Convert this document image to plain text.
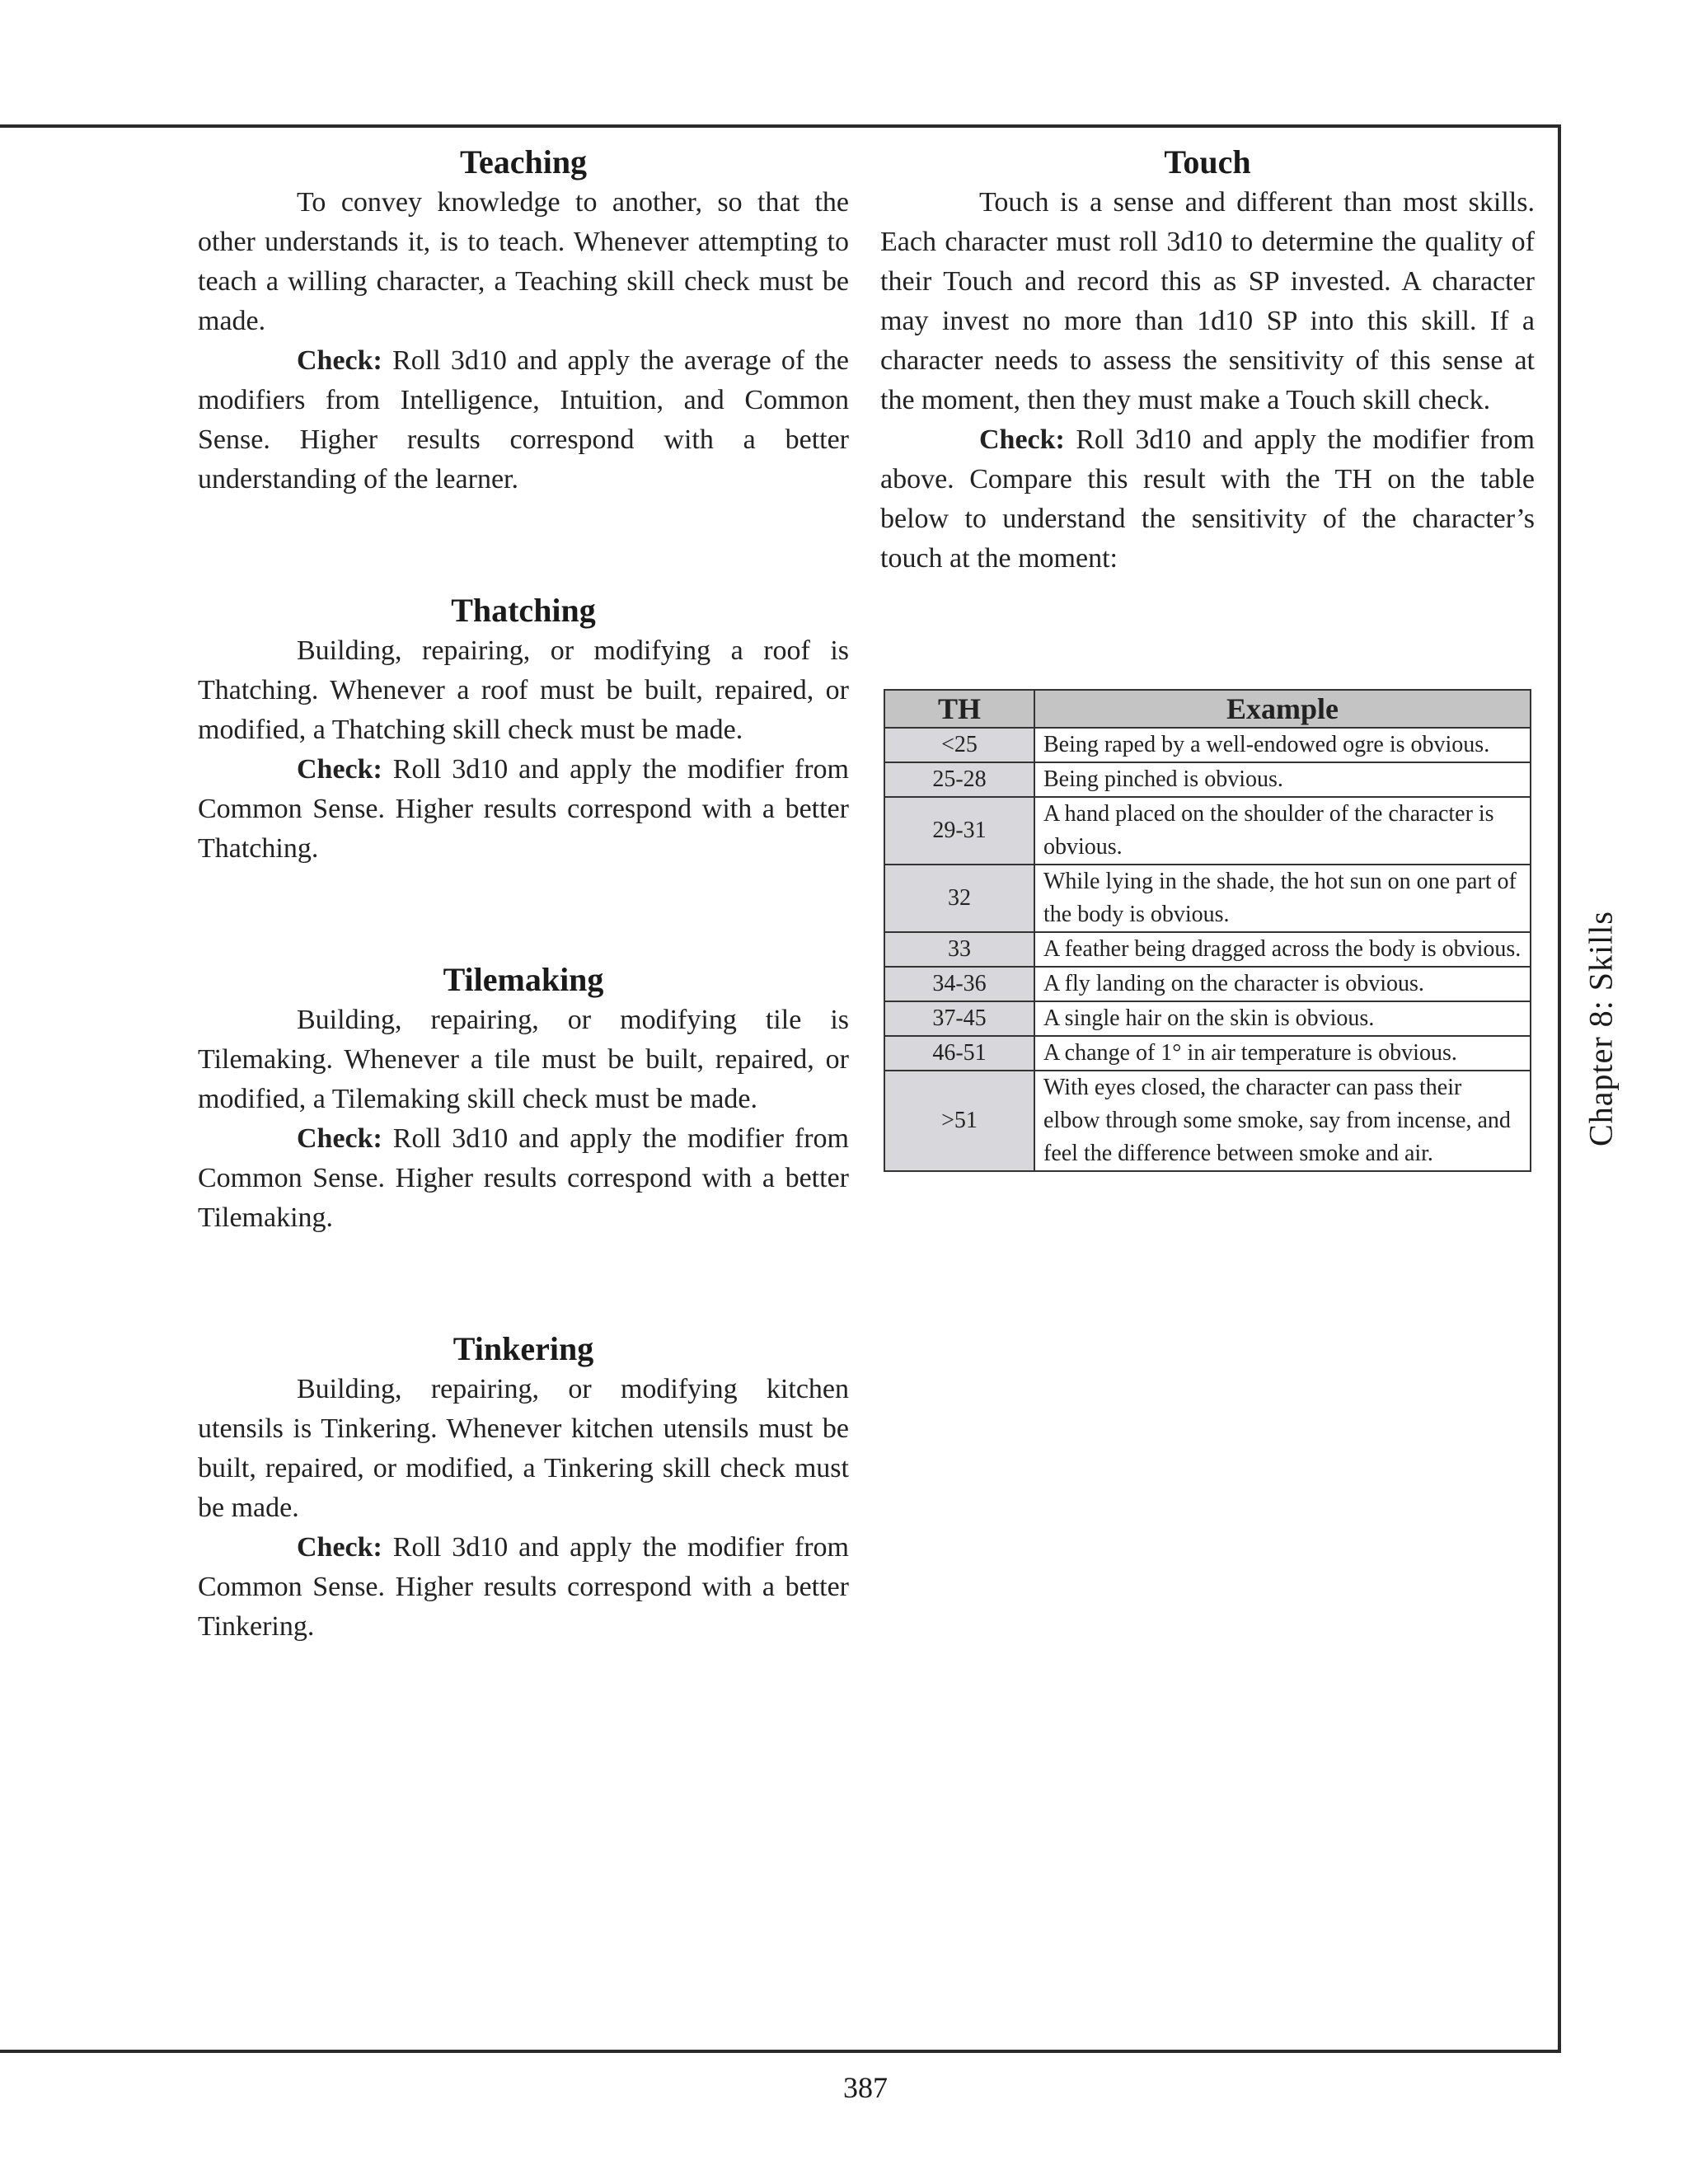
Teaching

To convey knowledge to another, so that the other understands it, is to teach. Whenever attempting to teach a willing character, a Teaching skill check must be made.

Check: Roll 3d10 and apply the average of the modifiers from Intelligence, Intuition, and Common Sense. Higher results correspond with a better understanding of the learner.

Thatching

Building, repairing, or modifying a roof is Thatching. Whenever a roof must be built, repaired, or modified, a Thatching skill check must be made.

Check: Roll 3d10 and apply the modifier from Common Sense. Higher results correspond with a better Thatching.

Tilemaking

Building, repairing, or modifying tile is Tilemaking. Whenever a tile must be built, repaired, or modified, a Tilemaking skill check must be made.

Check: Roll 3d10 and apply the modifier from Common Sense. Higher results correspond with a better Tilemaking.

Tinkering

Building, repairing, or modifying kitchen utensils is Tinkering. Whenever kitchen utensils must be built, repaired, or modified, a Tinkering skill check must be made.

Check: Roll 3d10 and apply the modifier from Common Sense. Higher results correspond with a better Tinkering.

Touch

Touch is a sense and different than most skills. Each character must roll 3d10 to determine the quality of their Touch and record this as SP invested. A character may invest no more than 1d10 SP into this skill. If a character needs to assess the sensitivity of this sense at the moment, then they must make a Touch skill check.

Check: Roll 3d10 and apply the modifier from above. Compare this result with the TH on the table below to understand the sensitivity of the character’s touch at the moment:

TH	Example
<25	Being raped by a well-endowed ogre is obvious.
25-28	Being pinched is obvious.
29-31	A hand placed on the shoulder of the character is obvious.
32	While lying in the shade, the hot sun on one part of the body is obvious.
33	A feather being dragged across the body is obvious.
34-36	A fly landing on the character is obvious.
37-45	A single hair on the skin is obvious.
46-51	A change of 1° in air temperature is obvious.
>51	With eyes closed, the character can pass their elbow through some smoke, say from incense, and feel the difference between smoke and air.
Chapter 8: Skills
387
